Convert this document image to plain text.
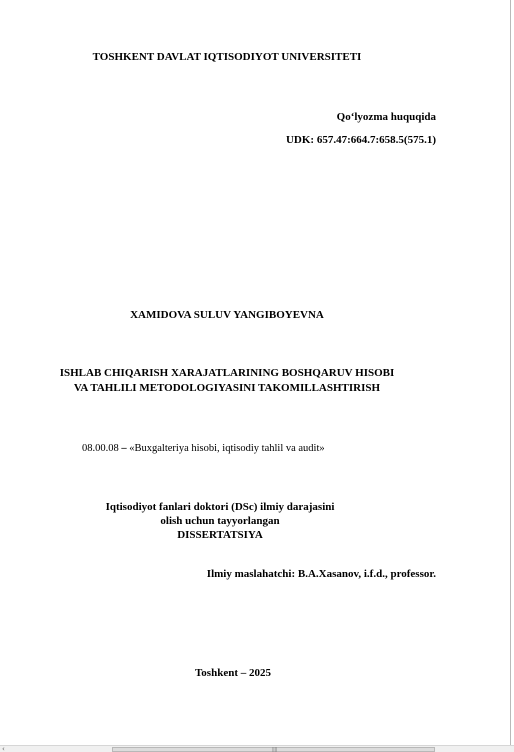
TOSHKENT DAVLAT IQTISODIYOT UNIVERSITETI
Qoʻlyozma huquqida
UDK: 657.47:664.7:658.5(575.1)
XAMIDOVA SULUV YANGIBOYEVNA
ISHLAB CHIQARISH XARAJATLARINING BOSHQARUV HISOBI
VA TAHLILI METODOLOGIYASINI TAKOMILLASHTIRISH
08.00.08 – «Buxgalteriya hisobi, iqtisodiy tahlil va audit»
Iqtisodiyot fanlari doktori (DSc) ilmiy darajasini
olish uchun tayyorlangan
DISSERTATSIYA
Ilmiy maslahatchi: B.A.Xasanov, i.f.d., professor.
Toshkent – 2025
‹	||||
